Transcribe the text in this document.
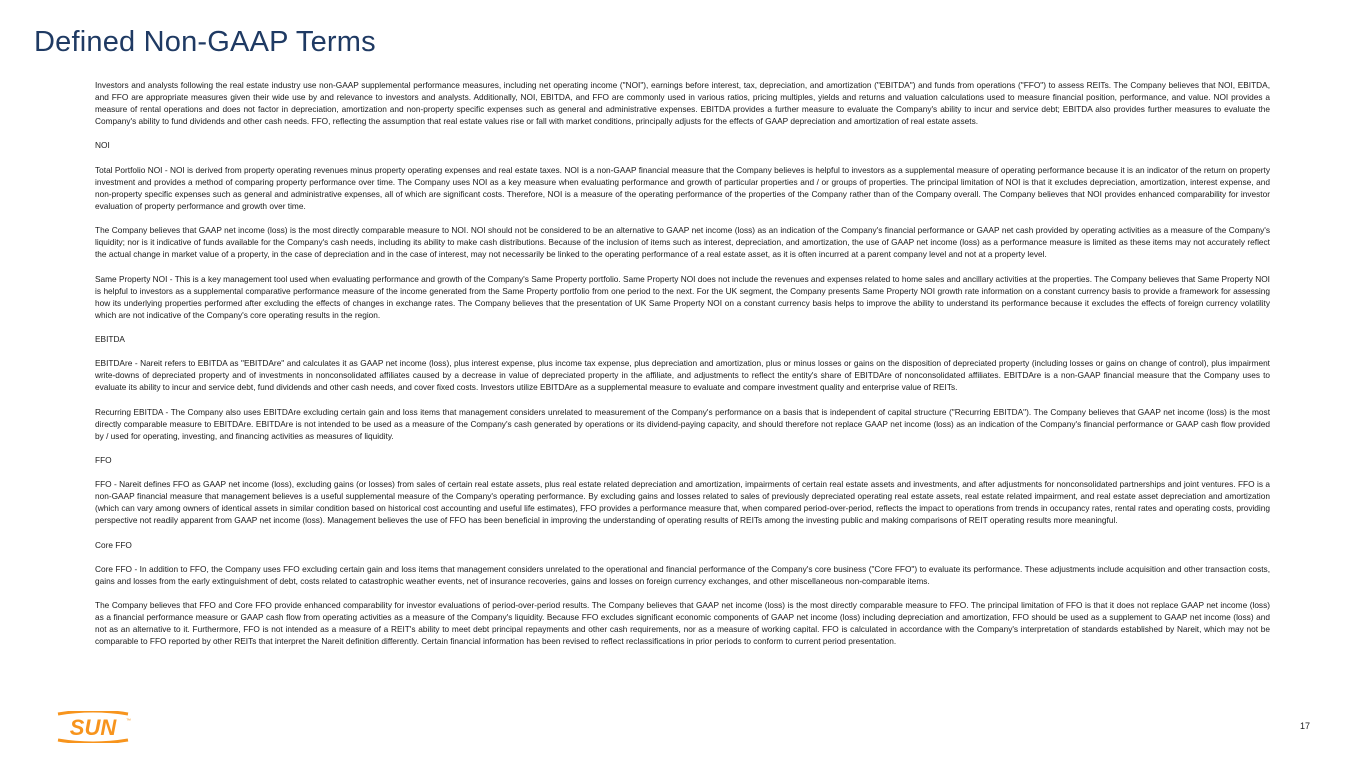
Defined Non-GAAP Terms

Investors and analysts following the real estate industry use non-GAAP supplemental performance measures, including net operating income ("NOI"), earnings before interest, tax, depreciation, and amortization ("EBITDA") and funds from operations ("FFO") to assess REITs. The Company believes that NOI, EBITDA, and FFO are appropriate measures given their wide use by and relevance to investors and analysts. Additionally, NOI, EBITDA, and FFO are commonly used in various ratios, pricing multiples, yields and returns and valuation calculations used to measure financial position, performance, and value. NOI provides a measure of rental operations and does not factor in depreciation, amortization and non-property specific expenses such as general and administrative expenses. EBITDA provides a further measure to evaluate the Company's ability to incur and service debt; EBITDA also provides further measures to evaluate the Company's ability to fund dividends and other cash needs. FFO, reflecting the assumption that real estate values rise or fall with market conditions, principally adjusts for the effects of GAAP depreciation and amortization of real estate assets.

NOI

Total Portfolio NOI - NOI is derived from property operating revenues minus property operating expenses and real estate taxes. NOI is a non-GAAP financial measure that the Company believes is helpful to investors as a supplemental measure of operating performance because it is an indicator of the return on property investment and provides a method of comparing property performance over time. The Company uses NOI as a key measure when evaluating performance and growth of particular properties and / or groups of properties. The principal limitation of NOI is that it excludes depreciation, amortization, interest expense, and non-property specific expenses such as general and administrative expenses, all of which are significant costs. Therefore, NOI is a measure of the operating performance of the properties of the Company rather than of the Company overall. The Company believes that NOI provides enhanced comparability for investor evaluation of property performance and growth over time.

The Company believes that GAAP net income (loss) is the most directly comparable measure to NOI. NOI should not be considered to be an alternative to GAAP net income (loss) as an indication of the Company's financial performance or GAAP net cash provided by operating activities as a measure of the Company's liquidity; nor is it indicative of funds available for the Company's cash needs, including its ability to make cash distributions. Because of the inclusion of items such as interest, depreciation, and amortization, the use of GAAP net income (loss) as a performance measure is limited as these items may not accurately reflect the actual change in market value of a property, in the case of depreciation and in the case of interest, may not necessarily be linked to the operating performance of a real estate asset, as it is often incurred at a parent company level and not at a property level.

Same Property NOI - This is a key management tool used when evaluating performance and growth of the Company's Same Property portfolio. Same Property NOI does not include the revenues and expenses related to home sales and ancillary activities at the properties. The Company believes that Same Property NOI is helpful to investors as a supplemental comparative performance measure of the income generated from the Same Property portfolio from one period to the next. For the UK segment, the Company presents Same Property NOI growth rate information on a constant currency basis to provide a framework for assessing how its underlying properties performed after excluding the effects of changes in exchange rates. The Company believes that the presentation of UK Same Property NOI on a constant currency basis helps to improve the ability to understand its performance because it excludes the effects of foreign currency volatility which are not indicative of the Company's core operating results in the region.

EBITDA

EBITDAre - Nareit refers to EBITDA as "EBITDAre" and calculates it as GAAP net income (loss), plus interest expense, plus income tax expense, plus depreciation and amortization, plus or minus losses or gains on the disposition of depreciated property (including losses or gains on change of control), plus impairment write-downs of depreciated property and of investments in nonconsolidated affiliates caused by a decrease in value of depreciated property in the affiliate, and adjustments to reflect the entity's share of EBITDAre of nonconsolidated affiliates. EBITDAre is a non-GAAP financial measure that the Company uses to evaluate its ability to incur and service debt, fund dividends and other cash needs, and cover fixed costs. Investors utilize EBITDAre as a supplemental measure to evaluate and compare investment quality and enterprise value of REITs.

Recurring EBITDA - The Company also uses EBITDAre excluding certain gain and loss items that management considers unrelated to measurement of the Company's performance on a basis that is independent of capital structure ("Recurring EBITDA"). The Company believes that GAAP net income (loss) is the most directly comparable measure to EBITDAre. EBITDAre is not intended to be used as a measure of the Company's cash generated by operations or its dividend-paying capacity, and should therefore not replace GAAP net income (loss) as an indication of the Company's financial performance or GAAP cash flow provided by / used for operating, investing, and financing activities as measures of liquidity.

FFO

FFO - Nareit defines FFO as GAAP net income (loss), excluding gains (or losses) from sales of certain real estate assets, plus real estate related depreciation and amortization, impairments of certain real estate assets and investments, and after adjustments for nonconsolidated partnerships and joint ventures. FFO is a non-GAAP financial measure that management believes is a useful supplemental measure of the Company's operating performance. By excluding gains and losses related to sales of previously depreciated operating real estate assets, real estate related impairment, and real estate asset depreciation and amortization (which can vary among owners of identical assets in similar condition based on historical cost accounting and useful life estimates), FFO provides a performance measure that, when compared period-over-period, reflects the impact to operations from trends in occupancy rates, rental rates and operating costs, providing perspective not readily apparent from GAAP net income (loss). Management believes the use of FFO has been beneficial in improving the understanding of operating results of REITs among the investing public and making comparisons of REIT operating results more meaningful.

Core FFO

Core FFO - In addition to FFO, the Company uses FFO excluding certain gain and loss items that management considers unrelated to the operational and financial performance of the Company's core business ("Core FFO") to evaluate its performance. These adjustments include acquisition and other transaction costs, gains and losses from the early extinguishment of debt, costs related to catastrophic weather events, net of insurance recoveries, gains and losses on foreign currency exchanges, and other miscellaneous non-comparable items.

The Company believes that FFO and Core FFO provide enhanced comparability for investor evaluations of period-over-period results. The Company believes that GAAP net income (loss) is the most directly comparable measure to FFO. The principal limitation of FFO is that it does not replace GAAP net income (loss) as a financial performance measure or GAAP cash flow from operating activities as a measure of the Company's liquidity. Because FFO excludes significant economic components of GAAP net income (loss) including depreciation and amortization, FFO should be used as a supplement to GAAP net income (loss) and not as an alternative to it. Furthermore, FFO is not intended as a measure of a REIT's ability to meet debt principal repayments and other cash requirements, nor as a measure of working capital. FFO is calculated in accordance with the Company's interpretation of standards established by Nareit, which may not be comparable to FFO reported by other REITs that interpret the Nareit definition differently. Certain financial information has been revised to reflect reclassifications in prior periods to conform to current period presentation.

SUN ™	17
